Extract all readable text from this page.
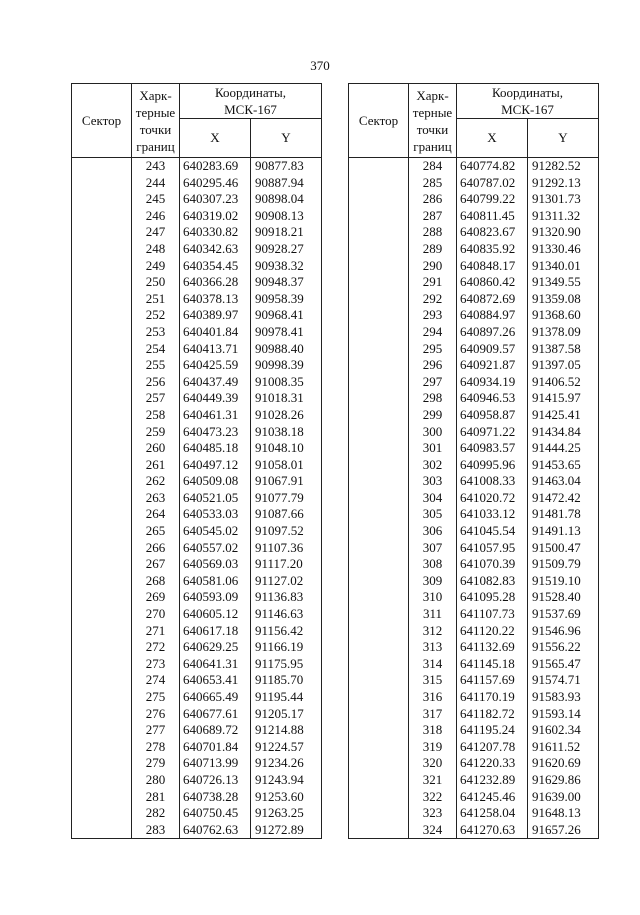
370
Сектор	Харк-
терные
точки
границ	Координаты,
МСК-167	
		X	Y
	243	640283.69	90877.83
	244	640295.46	90887.94
	245	640307.23	90898.04
	246	640319.02	90908.13
	247	640330.82	90918.21
	248	640342.63	90928.27
	249	640354.45	90938.32
	250	640366.28	90948.37
	251	640378.13	90958.39
	252	640389.97	90968.41
	253	640401.84	90978.41
	254	640413.71	90988.40
	255	640425.59	90998.39
	256	640437.49	91008.35
	257	640449.39	91018.31
	258	640461.31	91028.26
	259	640473.23	91038.18
	260	640485.18	91048.10
	261	640497.12	91058.01
	262	640509.08	91067.91
	263	640521.05	91077.79
	264	640533.03	91087.66
	265	640545.02	91097.52
	266	640557.02	91107.36
	267	640569.03	91117.20
	268	640581.06	91127.02
	269	640593.09	91136.83
	270	640605.12	91146.63
	271	640617.18	91156.42
	272	640629.25	91166.19
	273	640641.31	91175.95
	274	640653.41	91185.70
	275	640665.49	91195.44
	276	640677.61	91205.17
	277	640689.72	91214.88
	278	640701.84	91224.57
	279	640713.99	91234.26
	280	640726.13	91243.94
	281	640738.28	91253.60
	282	640750.45	91263.25
	283	640762.63	91272.89
Сектор	Харк-
терные
точки
границ	Координаты,
МСК-167	
		X	Y
	284	640774.82	91282.52
	285	640787.02	91292.13
	286	640799.22	91301.73
	287	640811.45	91311.32
	288	640823.67	91320.90
	289	640835.92	91330.46
	290	640848.17	91340.01
	291	640860.42	91349.55
	292	640872.69	91359.08
	293	640884.97	91368.60
	294	640897.26	91378.09
	295	640909.57	91387.58
	296	640921.87	91397.05
	297	640934.19	91406.52
	298	640946.53	91415.97
	299	640958.87	91425.41
	300	640971.22	91434.84
	301	640983.57	91444.25
	302	640995.96	91453.65
	303	641008.33	91463.04
	304	641020.72	91472.42
	305	641033.12	91481.78
	306	641045.54	91491.13
	307	641057.95	91500.47
	308	641070.39	91509.79
	309	641082.83	91519.10
	310	641095.28	91528.40
	311	641107.73	91537.69
	312	641120.22	91546.96
	313	641132.69	91556.22
	314	641145.18	91565.47
	315	641157.69	91574.71
	316	641170.19	91583.93
	317	641182.72	91593.14
	318	641195.24	91602.34
	319	641207.78	91611.52
	320	641220.33	91620.69
	321	641232.89	91629.86
	322	641245.46	91639.00
	323	641258.04	91648.13
	324	641270.63	91657.26
